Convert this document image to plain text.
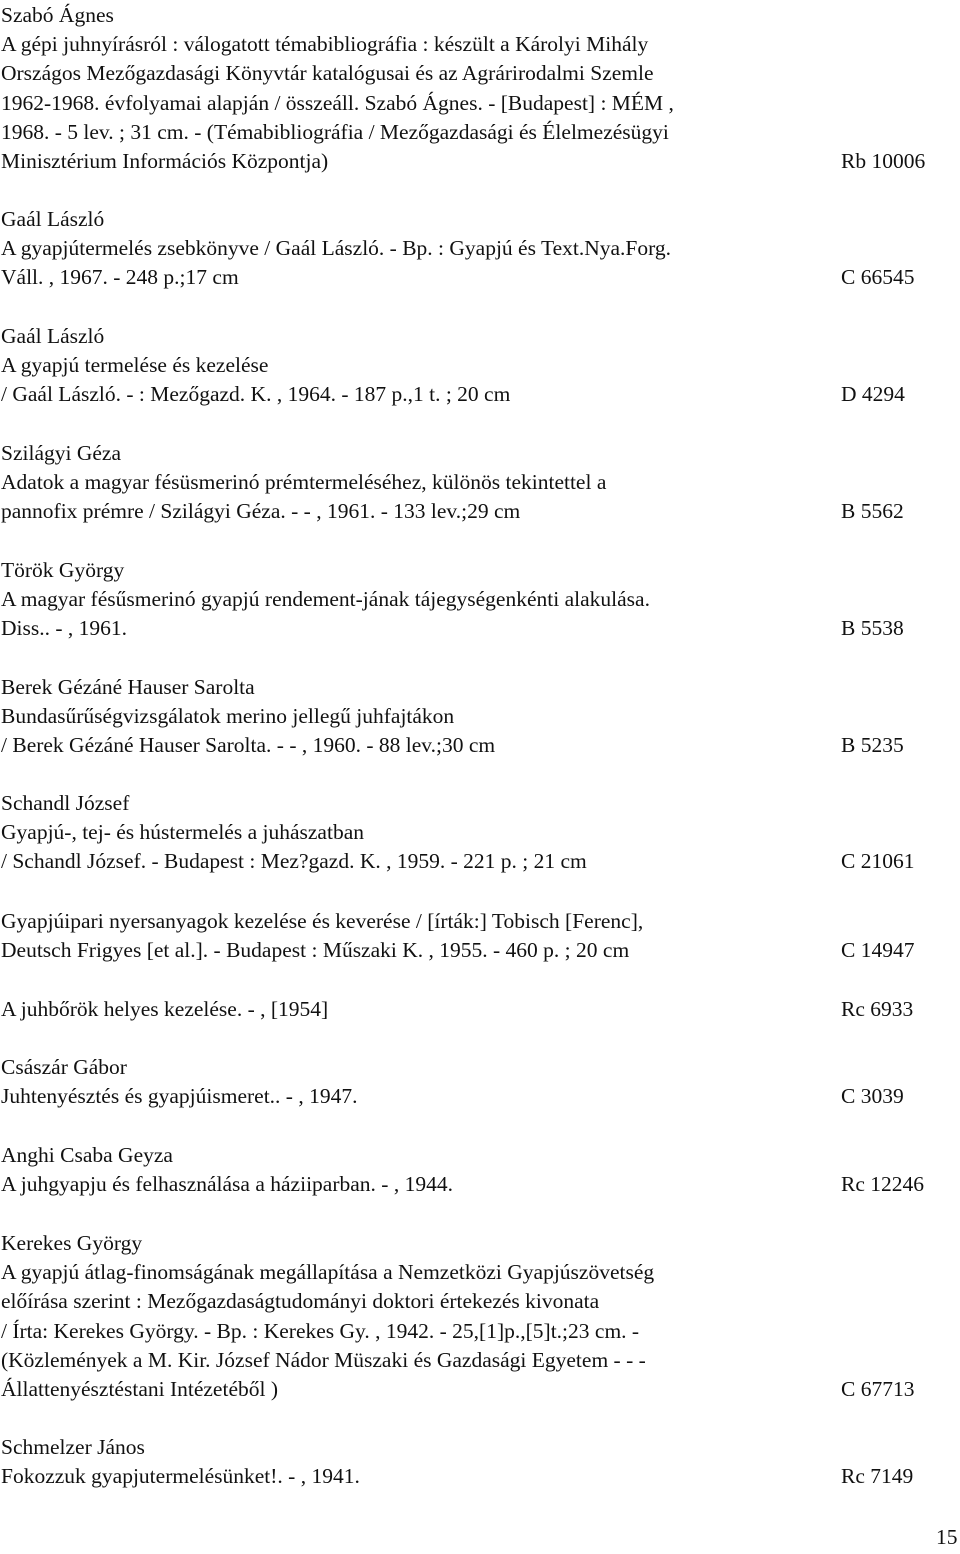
Szabó Ágnes
A gépi juhnyírásról : válogatott témabibliográfia : készült a Károlyi Mihály
Országos Mezőgazdasági Könyvtár katalógusai és az Agrárirodalmi Szemle
1962-1968. évfolyamai alapján / összeáll. Szabó Ágnes. - [Budapest] : MÉM ,
1968. - 5 lev. ; 31 cm. - (Témabibliográfia / Mezőgazdasági és Élelmezésügyi
Minisztérium Információs Központja)	Rb 10006
Gaál László
A gyapjútermelés zsebkönyve / Gaál László. - Bp. : Gyapjú és Text.Nya.Forg.
Váll. , 1967. - 248 p.;17 cm	C 66545
Gaál László
A gyapjú termelése és kezelése
/ Gaál László. - : Mezőgazd. K. , 1964. - 187 p.,1 t. ; 20 cm	D 4294
Szilágyi Géza
Adatok a magyar fésüsmerinó prémtermeléséhez, különös tekintettel a
pannofix prémre / Szilágyi Géza. - - , 1961. - 133 lev.;29 cm	B 5562
Török György
A magyar fésűsmerinó gyapjú rendement-jának tájegységenkénti alakulása.
Diss.. - , 1961.	B 5538
Berek Gézáné Hauser Sarolta
Bundasűrűségvizsgálatok merino jellegű juhfajtákon
/ Berek Gézáné Hauser Sarolta. - - , 1960. - 88 lev.;30 cm	B 5235
Schandl József
Gyapjú-, tej- és hústermelés a juhászatban
/ Schandl József. - Budapest : Mez?gazd. K. , 1959. - 221 p. ; 21 cm	C 21061
Gyapjúipari nyersanyagok kezelése és keverése / [írták:] Tobisch [Ferenc],
Deutsch Frigyes [et al.]. - Budapest : Műszaki K. , 1955. - 460 p. ; 20 cm	C 14947
A juhbőrök helyes kezelése. - , [1954]	Rc 6933
Császár Gábor
Juhtenyésztés és gyapjúismeret.. - , 1947.	C 3039
Anghi Csaba Geyza
A juhgyapju és felhasználása a háziiparban. - , 1944.	Rc 12246
Kerekes György
A gyapjú átlag-finomságának megállapítása a Nemzetközi Gyapjúszövetség
előírása szerint : Mezőgazdaságtudományi doktori értekezés kivonata
/ Írta: Kerekes György. - Bp. : Kerekes Gy. , 1942. - 25,[1]p.,[5]t.;23 cm. -
(Közlemények a M. Kir. József Nádor Müszaki és Gazdasági Egyetem - - -
Állattenyésztéstani Intézetéből )	C 67713
Schmelzer János
Fokozzuk gyapjutermelésünket!. - , 1941.	Rc 7149
15
